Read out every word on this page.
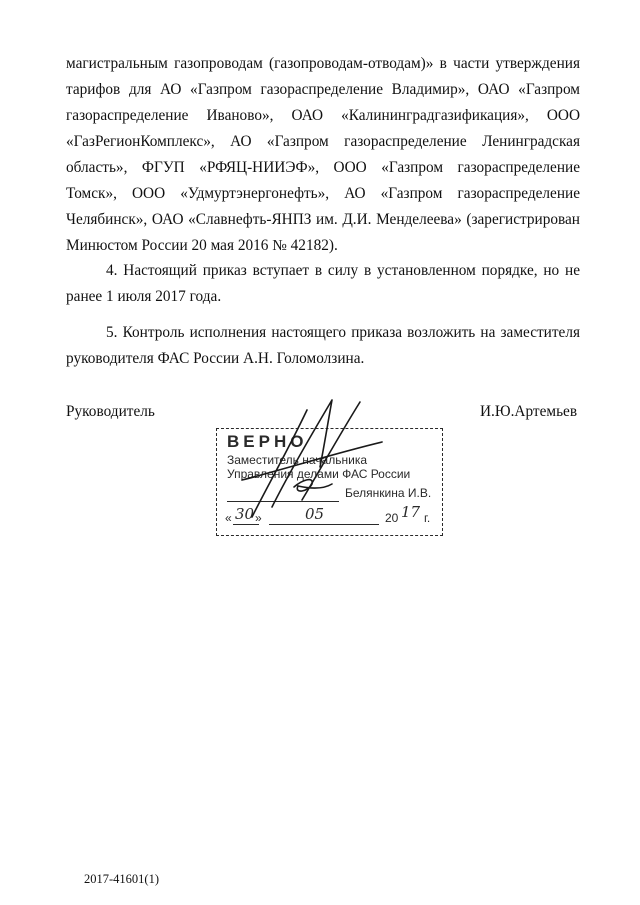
магистральным газопроводам (газопроводам-отводам)» в части утверждения тарифов для АО «Газпром газораспределение Владимир», ОАО «Газпром газораспределение Иваново», ОАО «Калининградгазификация», ООО «ГазРегионКомплекс», АО «Газпром газораспределение Ленинградская область», ФГУП «РФЯЦ-НИИЭФ», ООО «Газпром газораспределение Томск», ООО «Удмуртэнергонефть», АО «Газпром газораспределение Челябинск», ОАО «Славнефть-ЯНПЗ им. Д.И. Менделеева» (зарегистрирован Минюстом России 20 мая 2016 № 42182).

4. Настоящий приказ вступает в силу в установленном порядке, но не ранее 1 июля 2017 года.

5. Контроль исполнения настоящего приказа возложить на заместителя руководителя ФАС России А.Н. Голомолзина.

Руководитель	И.Ю.Артемьев
ВЕРНО
Заместитель начальника
Управления делами ФАС России
Белянкина И.В.
« 30 »	05	20 17 г.
2017-41601(1)
